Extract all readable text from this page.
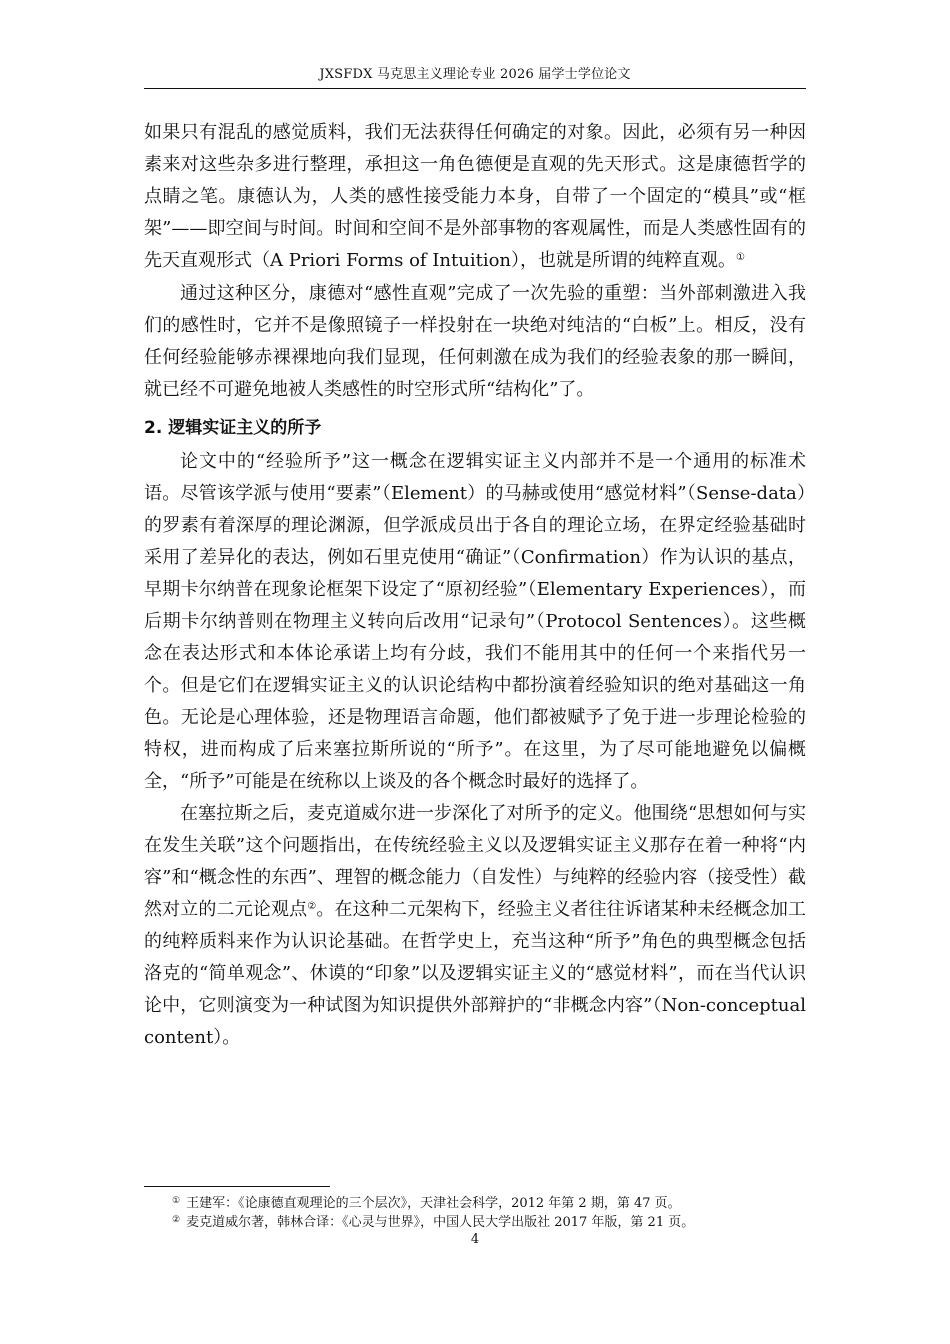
JXSFDX 马克思主义理论专业 2026 届学士学位论文

如果只有混乱的感觉质料，我们无法获得任何确定的对象。因此，必须有另一种因素来对这些杂多进行整理，承担这一角色德便是直观的先天形式。这是康德哲学的点睛之笔。康德认为，人类的感性接受能力本身，自带了一个固定的“模具”或“框架”——即空间与时间。时间和空间不是外部事物的客观属性，而是人类感性固有的先天直观形式（A Priori Forms of Intuition），也就是所谓的纯粹直观。①

通过这种区分，康德对“感性直观”完成了一次先验的重塑：当外部刺激进入我们的感性时，它并不是像照镜子一样投射在一块绝对纯洁的“白板”上。相反，没有任何经验能够赤裸裸地向我们显现，任何刺激在成为我们的经验表象的那一瞬间，就已经不可避免地被人类感性的时空形式所“结构化”了。

2. 逻辑实证主义的所予

论文中的“经验所予”这一概念在逻辑实证主义内部并不是一个通用的标准术语。尽管该学派与使用“要素”（Element）的马赫或使用“感觉材料”（Sense-data）的罗素有着深厚的理论渊源，但学派成员出于各自的理论立场，在界定经验基础时采用了差异化的表达，例如石里克使用“确证”（Confirmation）作为认识的基点，早期卡尔纳普在现象论框架下设定了“原初经验”（Elementary Experiences），而后期卡尔纳普则在物理主义转向后改用“记录句”（Protocol Sentences）。这些概念在表达形式和本体论承诺上均有分歧，我们不能用其中的任何一个来指代另一个。但是它们在逻辑实证主义的认识论结构中都扮演着经验知识的绝对基础这一角色。无论是心理体验，还是物理语言命题，他们都被赋予了免于进一步理论检验的特权，进而构成了后来塞拉斯所说的“所予”。在这里，为了尽可能地避免以偏概全，“所予”可能是在统称以上谈及的各个概念时最好的选择了。

在塞拉斯之后，麦克道威尔进一步深化了对所予的定义。他围绕“思想如何与实在发生关联”这个问题指出，在传统经验主义以及逻辑实证主义那存在着一种将“内容”和“概念性的东西”、理智的概念能力（自发性）与纯粹的经验内容（接受性）截然对立的二元论观点②。在这种二元架构下，经验主义者往往诉诸某种未经概念加工的纯粹质料来作为认识论基础。在哲学史上，充当这种“所予”角色的典型概念包括洛克的“简单观念”、休谟的“印象”以及逻辑实证主义的“感觉材料”，而在当代认识论中，它则演变为一种试图为知识提供外部辩护的“非概念内容”（Non-conceptual content）。

① 王建军：《论康德直观理论的三个层次》，天津社会科学，2012 年第 2 期，第 47 页。

② 麦克道威尔著，韩林合译：《心灵与世界》，中国人民大学出版社 2017 年版，第 21 页。

4
